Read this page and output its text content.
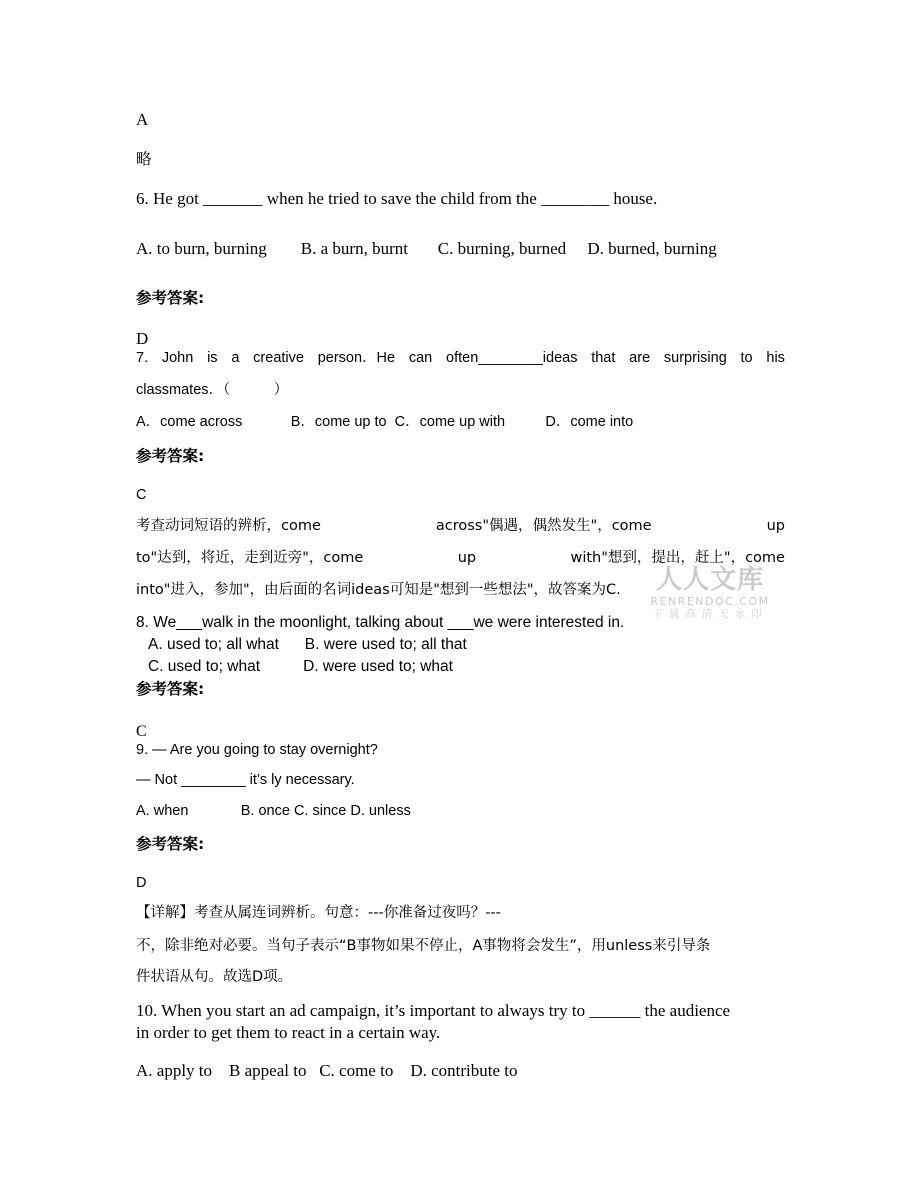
A

略

6. He got _______ when he tried to save the child from the ________ house.

A. to burn, burning        B. a burn, burnt       C. burning, burned     D. burned, burning

参考答案:

D

7. John is a creative person．He can often________ideas that are surprising to his

classmates．（　　　）

A．come across            B．come up to  C．come up with          D．come into

参考答案:

C

考查动词短语的辨析，come	across"偶遇，偶然发生"，come	up
to"达到，将近，走到近旁"，come	up	with"想到，提出，赶上"，come

into"进入，参加"，由后面的名词ideas可知是"想到一些想法"，故答案为C.	人人文库
RENRENDOC.COM
下载高清无水印

8. We___walk in the moonlight, talking about ___we were interested in.

A. used to; all what      B. were used to; all that

C. used to; what          D. were used to; what

参考答案:

C

9. — Are you going to stay overnight?

— Not ________ it’s ly necessary.

A. when             B. once C. since D. unless

参考答案:

D

【详解】考查从属连词辨析。句意：---你准备过夜吗？---

不，除非绝对必要。当句子表示“B事物如果不停止，A事物将会发生”，用unless来引导条

件状语从句。故选D项。

10. When you start an ad campaign, it’s important to always try to ______ the audience

in order to get them to react in a certain way.

A. apply to    B appeal to   C. come to    D. contribute to
